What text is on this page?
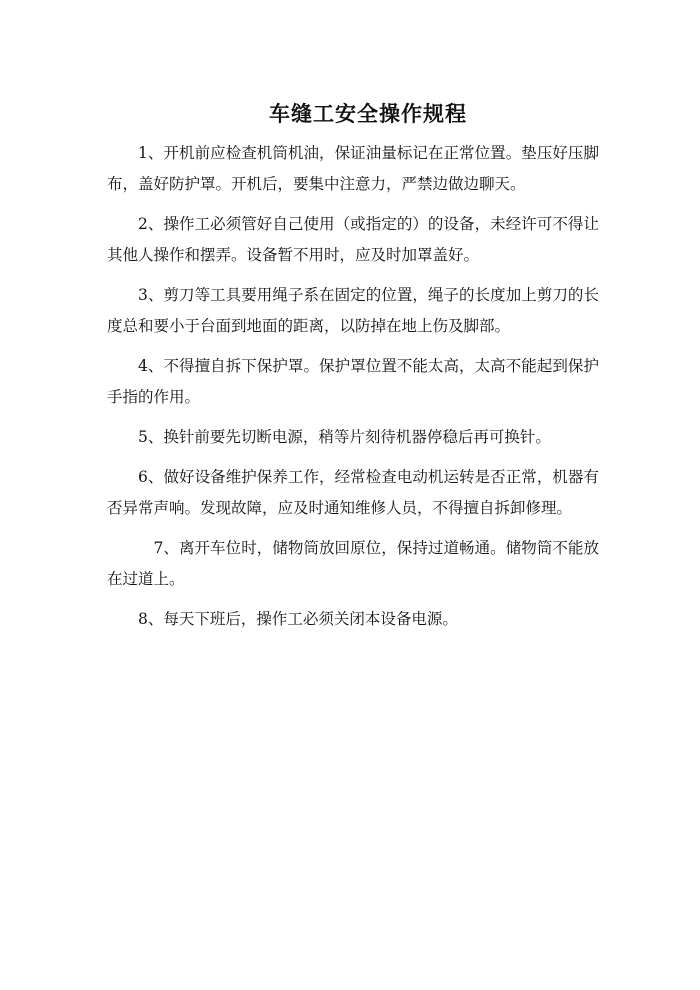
车缝工安全操作规程

1、开机前应检查机筒机油，保证油量标记在正常位置。垫压好压脚布，盖好防护罩。开机后，要集中注意力，严禁边做边聊天。

2、操作工必须管好自己使用（或指定的）的设备，未经许可不得让其他人操作和摆弄。设备暂不用时，应及时加罩盖好。

3、剪刀等工具要用绳子系在固定的位置，绳子的长度加上剪刀的长度总和要小于台面到地面的距离，以防掉在地上伤及脚部。

4、不得擅自拆下保护罩。保护罩位置不能太高，太高不能起到保护手指的作用。

5、换针前要先切断电源，稍等片刻待机器停稳后再可换针。

6、做好设备维护保养工作，经常检查电动机运转是否正常，机器有否异常声响。发现故障，应及时通知维修人员，不得擅自拆卸修理。

7、离开车位时，储物筒放回原位，保持过道畅通。储物筒不能放在过道上。

8、每天下班后，操作工必须关闭本设备电源。
